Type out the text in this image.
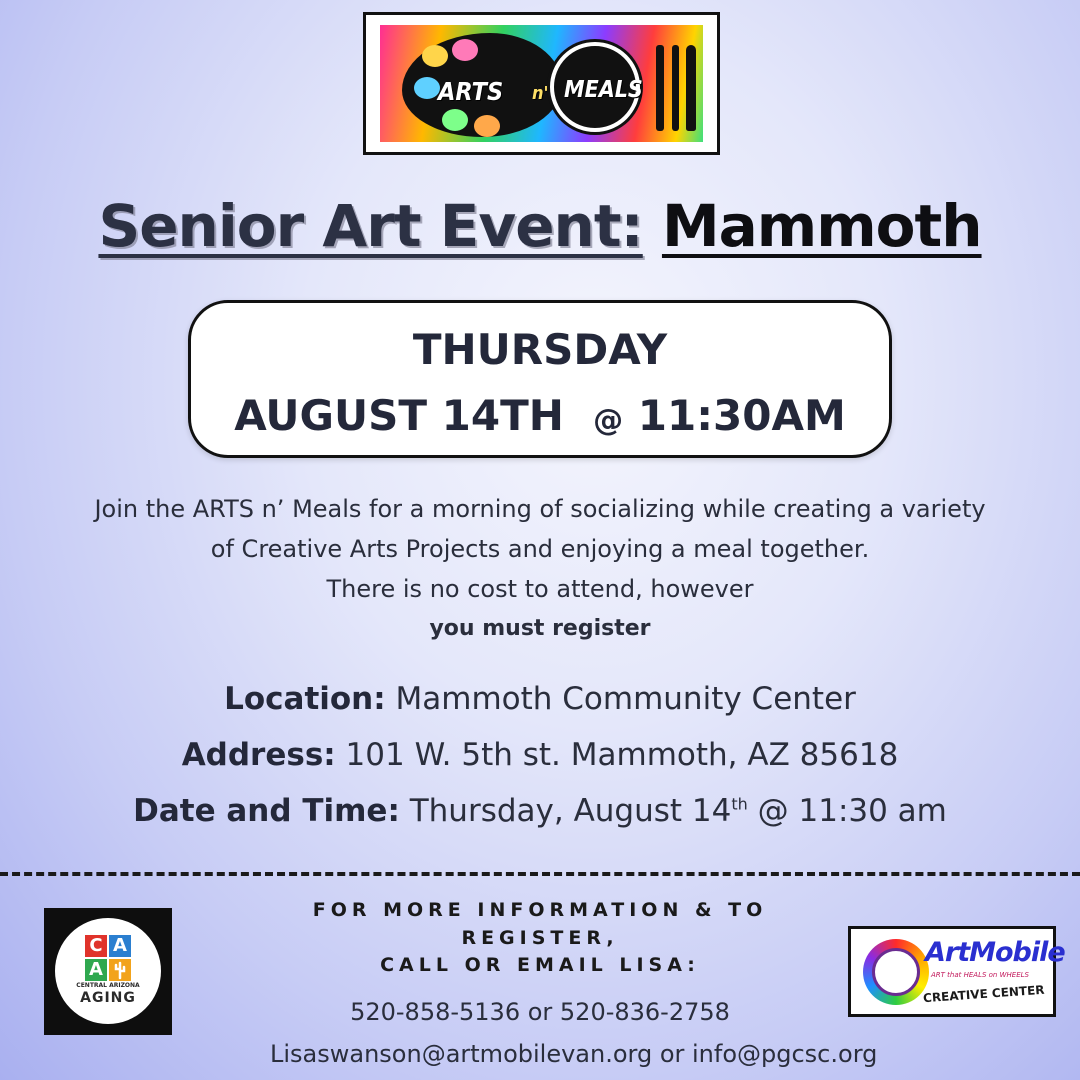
ARTS n' MEALS
Senior Art Event: Mammoth
THURSDAY
AUGUST 14TH @ 11:30AM
Join the ARTS n’ Meals for a morning of socializing while creating a variety
of Creative Arts Projects and enjoying a meal together.
There is no cost to attend, however
you must register
Location: Mammoth Community Center
Address: 101 W. 5th st. Mammoth, AZ 85618
Date and Time: Thursday, August 14th @ 11:30 am
C A
A
CENTRAL ARIZONA
AGING
FOR MORE INFORMATION & TO
REGISTER,
CALL OR EMAIL LISA:
520-858-5136 or 520-836-2758
Lisaswanson@artmobilevan.org or info@pgcsc.org
ArtMobile
ART that HEALS on WHEELS
CREATIVE CENTER
